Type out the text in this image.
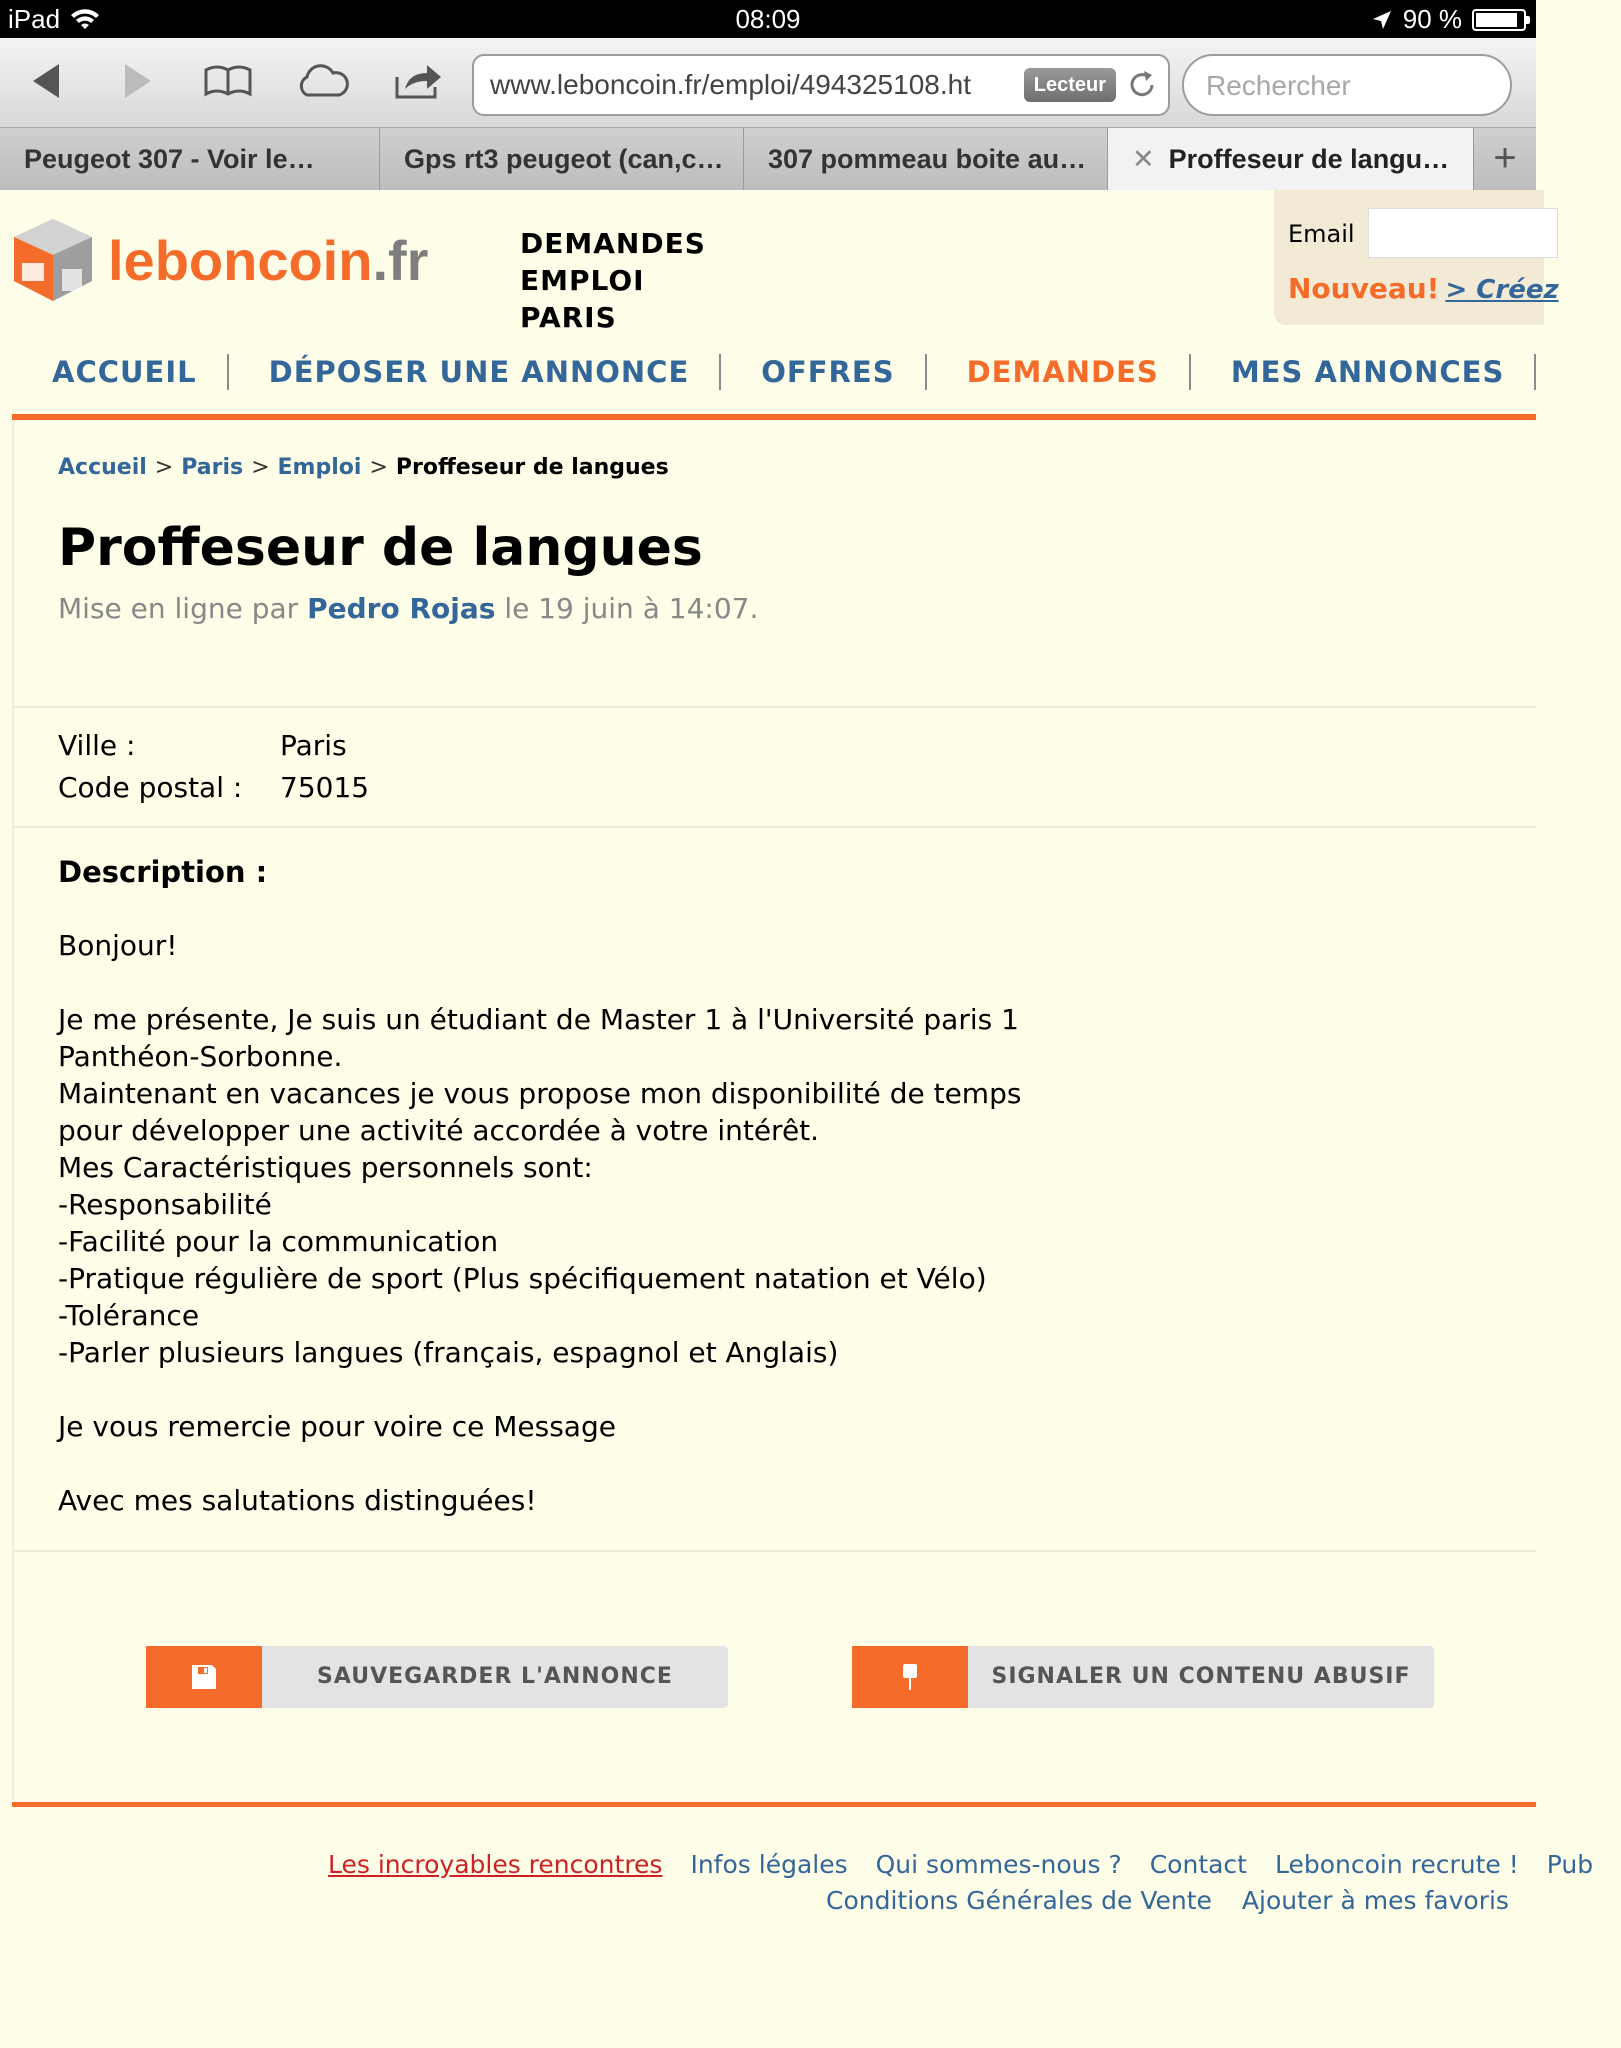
iPad	08:09	90 %
www.leboncoin.fr/emploi/494325108.ht	Lecteur	Rechercher
Peugeot 307 - Voir le…	Gps rt3 peugeot (can,c…	307 pommeau boite au…	✕ Proffeseur de langu…	+
leboncoin.fr	DEMANDES
EMPLOI
PARIS
Email
Nouveau! > Créez
ACCUEIL	DÉPOSER UNE ANNONCE	OFFRES	DEMANDES	MES ANNONCES
Accueil > Paris > Emploi > Proffeseur de langues
Proffeseur de langues
Mise en ligne par Pedro Rojas le 19 juin à 14:07.
Ville :	Paris
Code postal :	75015
Description :
Bonjour!

Je me présente, Je suis un étudiant de Master 1 à l'Université paris 1
Panthéon-Sorbonne.
Maintenant en vacances je vous propose mon disponibilité de temps
pour développer une activité accordée à votre intérêt.
Mes Caractéristiques personnels sont:
-Responsabilité
-Facilité pour la communication
-Pratique régulière de sport (Plus spécifiquement natation et Vélo)
-Tolérance
-Parler plusieurs langues (français, espagnol et Anglais)

Je vous remercie pour voire ce Message

Avec mes salutations distinguées!
SAUVEGARDER L'ANNONCE	SIGNALER UN CONTENU ABUSIF
Les incroyables rencontres Infos légales Qui sommes-nous ? Contact Leboncoin recrute ! Pub
Conditions Générales de Vente Ajouter à mes favoris
